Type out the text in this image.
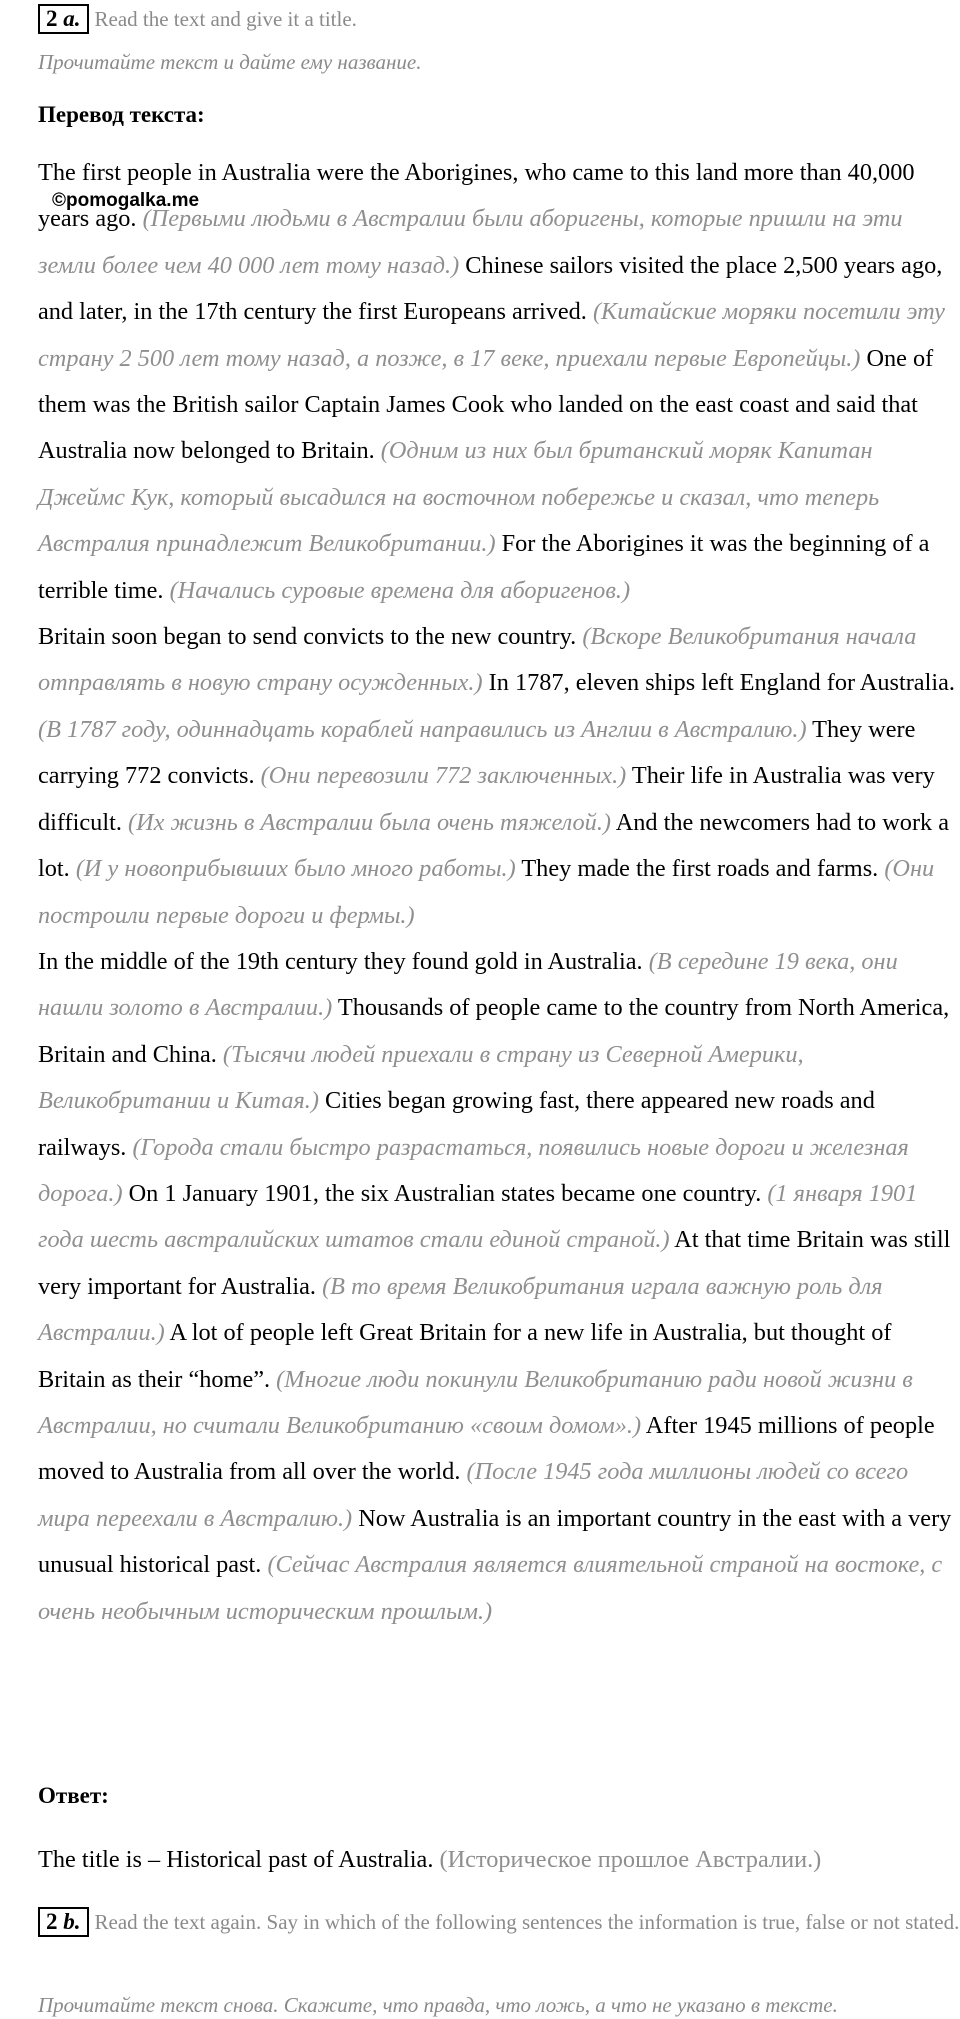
2 a. Read the text and give it a title.
Прочитайте текст и дайте ему название.
Перевод текста:

The first people in Australia were the Aborigines, who came to this land more than 40,000 years ago. (Первыми людьми в Австралии были аборигены, которые пришли на эти земли более чем 40 000 лет тому назад.) Chinese sailors visited the place 2,500 years ago, and later, in the 17th century the first Europeans arrived. (Китайские моряки посетили эту страну 2 500 лет тому назад, а позже, в 17 веке, приехали первые Европейцы.) One of them was the British sailor Captain James Cook who landed on the east coast and said that Australia now belonged to Britain. (Одним из них был британский моряк Капитан Джеймс Кук, который высадился на восточном побережье и сказал, что теперь Австралия принадлежит Великобритании.) For the Aborigines it was the beginning of a terrible time. (Начались суровые времена для аборигенов.)

Britain soon began to send convicts to the new country. (Вскоре Великобритания начала отправлять в новую страну осужденных.) In 1787, eleven ships left England for Australia. (В 1787 году, одиннадцать кораблей направились из Англии в Австралию.) They were carrying 772 convicts. (Они перевозили 772 заключенных.) Their life in Australia was very difficult. (Их жизнь в Австралии была очень тяжелой.) And the newcomers had to work a lot. (И у новоприбывших было много работы.) They made the first roads and farms. (Они построили первые дороги и фермы.)

In the middle of the 19th century they found gold in Australia. (В середине 19 века, они нашли золото в Австралии.) Thousands of people came to the country from North America, Britain and China. (Тысячи людей приехали в страну из Северной Америки, Великобритании и Китая.) Cities began growing fast, there appeared new roads and railways. (Города стали быстро разрастаться, появились новые дороги и железная дорога.) On 1 January 1901, the six Australian states became one country. (1 января 1901 года шесть австралийских штатов стали единой страной.) At that time Britain was still very important for Australia. (В то время Великобритания играла важную роль для Австралии.) A lot of people left Great Britain for a new life in Australia, but thought of Britain as their “home”. (Многие люди покинули Великобританию ради новой жизни в Австралии, но считали Великобританию «своим домом».) After 1945 millions of people moved to Australia from all over the world. (После 1945 года миллионы людей со всего мира переехали в Австралию.) Now Australia is an important country in the east with a very unusual historical past. (Сейчас Австралия является влиятельной страной на востоке, с очень необычным историческим прошлым.)

©pomogalka.me
Ответ:
The title is – Historical past of Australia. (Историческое прошлое Австралии.)
2 b. Read the text again. Say in which of the following sentences the information is true, false or not stated.
Прочитайте текст снова. Скажите, что правда, что ложь, а что не указано в тексте.
